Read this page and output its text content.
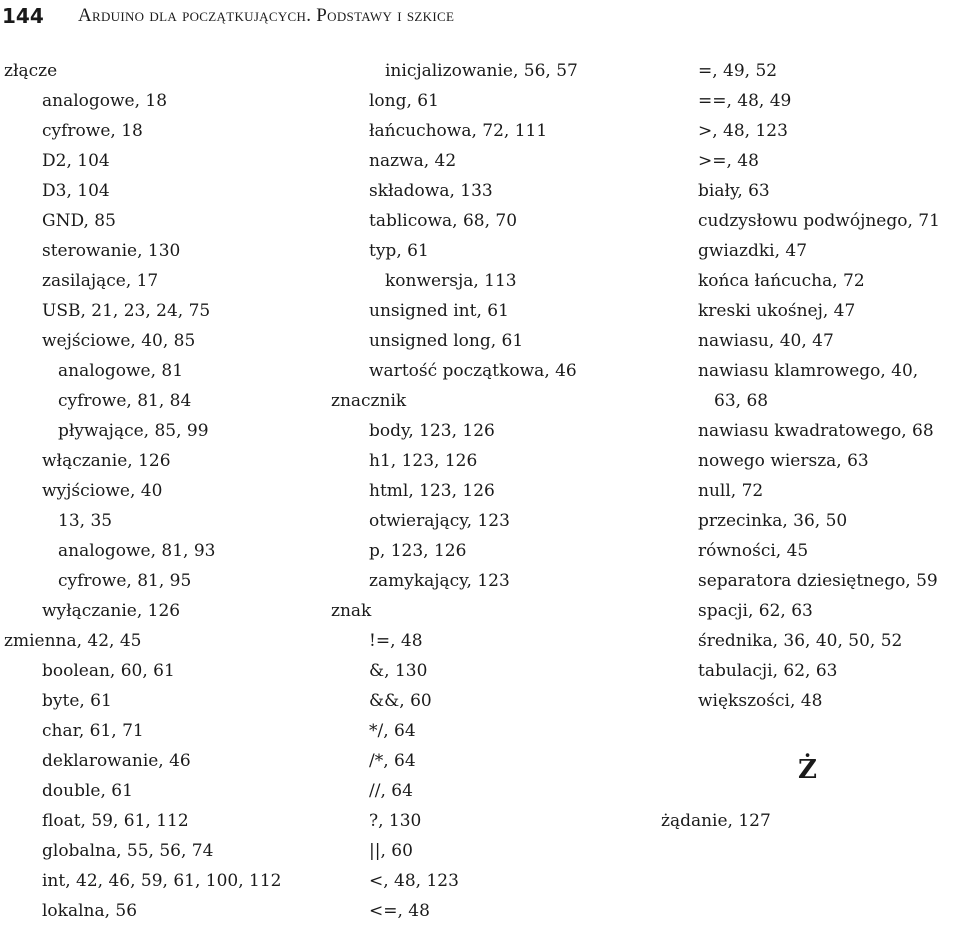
144 Arduino dla początkujących. Podstawy i szkice
złącze
analogowe, 18
cyfrowe, 18
D2, 104
D3, 104
GND, 85
sterowanie, 130
zasilające, 17
USB, 21, 23, 24, 75
wejściowe, 40, 85
analogowe, 81
cyfrowe, 81, 84
pływające, 85, 99
włączanie, 126
wyjściowe, 40
13, 35
analogowe, 81, 93
cyfrowe, 81, 95
wyłączanie, 126
zmienna, 42, 45
boolean, 60, 61
byte, 61
char, 61, 71
deklarowanie, 46
double, 61
float, 59, 61, 112
globalna, 55, 56, 74
int, 42, 46, 59, 61, 100, 112
lokalna, 56
inicjalizowanie, 56, 57
long, 61
łańcuchowa, 72, 111
nazwa, 42
składowa, 133
tablicowa, 68, 70
typ, 61
konwersja, 113
unsigned int, 61
unsigned long, 61
wartość początkowa, 46
znacznik
body, 123, 126
h1, 123, 126
html, 123, 126
otwierający, 123
p, 123, 126
zamykający, 123
znak
!=, 48
&, 130
&&, 60
*/, 64
/*, 64
//, 64
?, 130
||, 60
<, 48, 123
<=, 48
=, 49, 52
==, 48, 49
>, 48, 123
>=, 48
biały, 63
cudzysłowu podwójnego, 71
gwiazdki, 47
końca łańcucha, 72
kreski ukośnej, 47
nawiasu, 40, 47
nawiasu klamrowego, 40,
63, 68
nawiasu kwadratowego, 68
nowego wiersza, 63
null, 72
przecinka, 36, 50
równości, 45
separatora dziesiętnego, 59
spacji, 62, 63
średnika, 36, 40, 50, 52
tabulacji, 62, 63
większości, 48
Ż
żądanie, 127
